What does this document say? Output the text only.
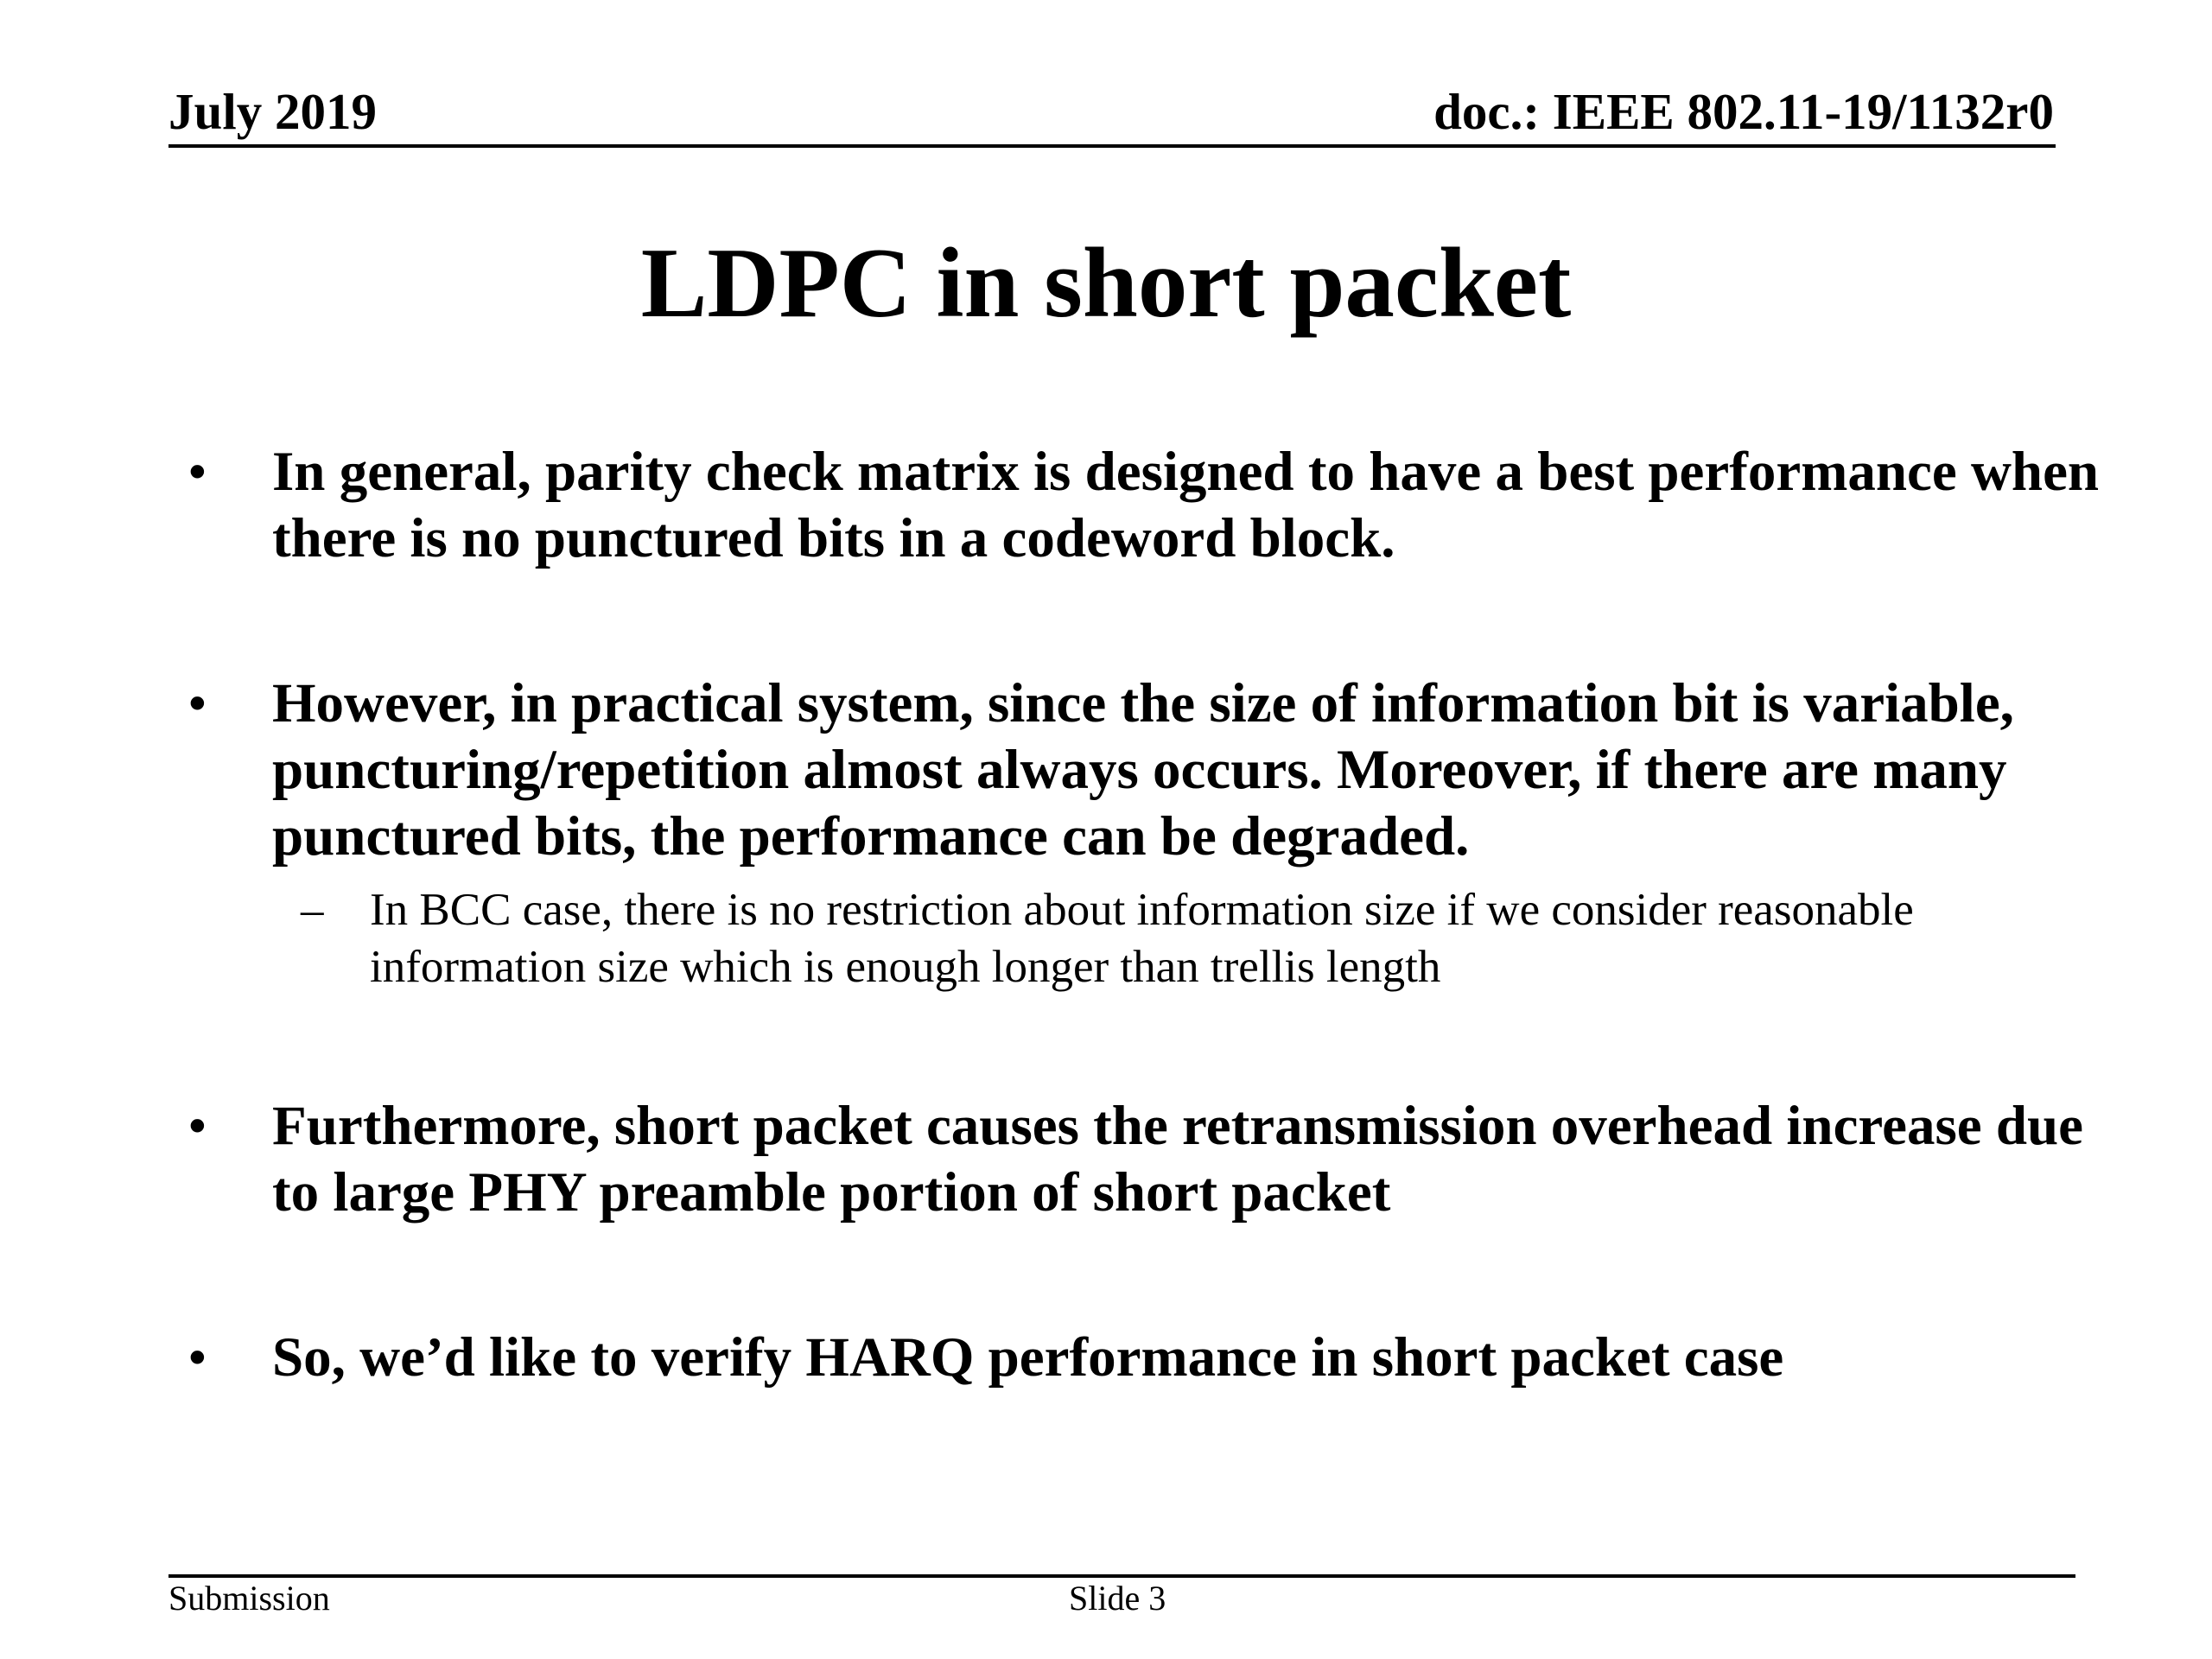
July 2019	doc.: IEEE 802.11-19/1132r0
LDPC in short packet
• In general, parity check matrix is designed to have a best performance when there is no punctured bits in a codeword block.
• However, in practical system, since the size of information bit is variable, puncturing/repetition almost always occurs. Moreover, if there are many punctured bits, the performance can be degraded.
– In BCC case, there is no restriction about information size if we consider reasonable information size which is enough longer than trellis length
• Furthermore, short packet causes the retransmission overhead increase due to large PHY preamble portion of short packet
• So, we’d like to verify HARQ performance in short packet case
Submission	Slide 3
